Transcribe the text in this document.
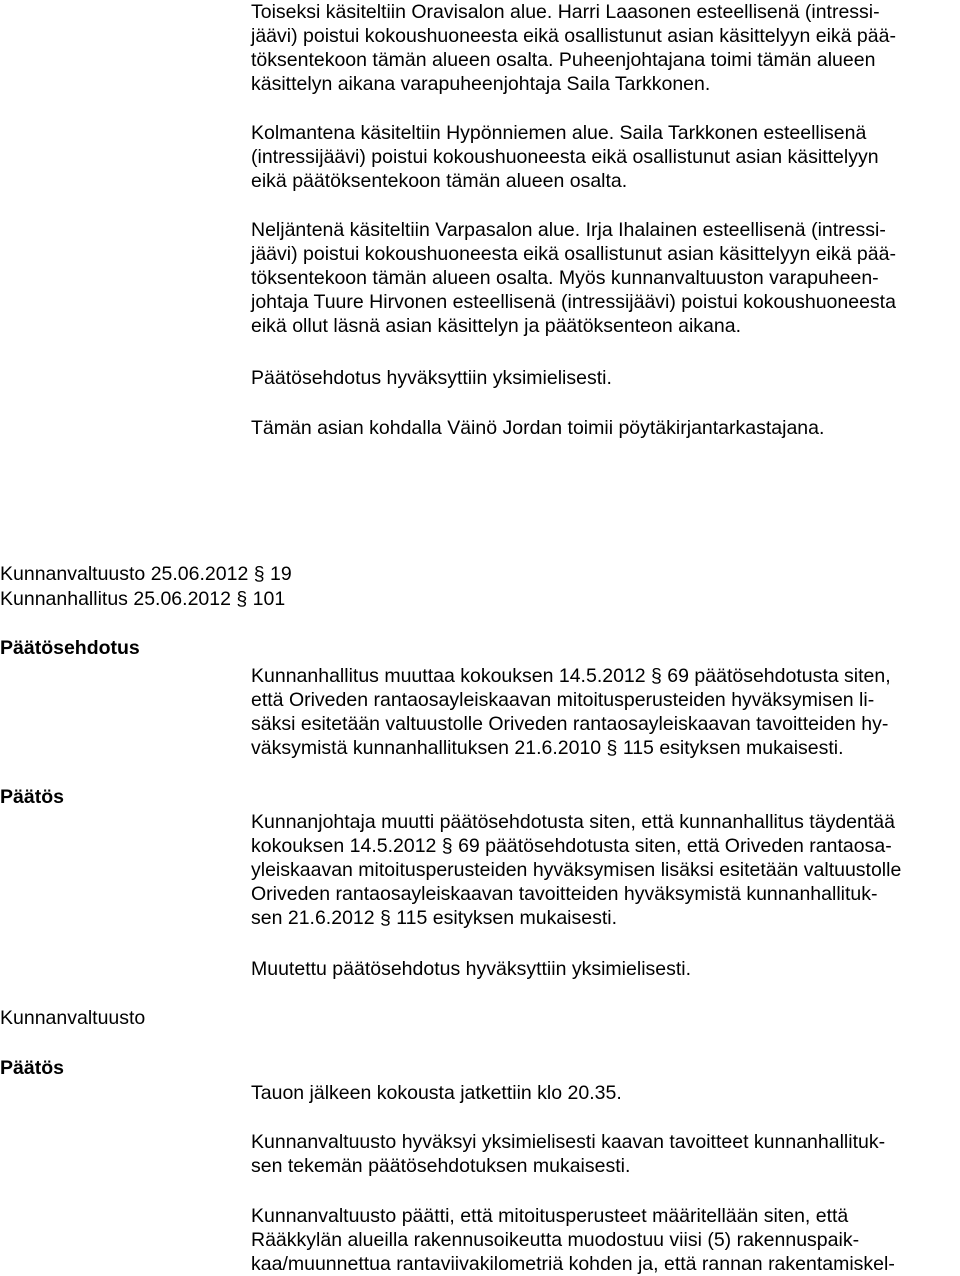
Toiseksi käsiteltiin Oravisalon alue. Harri Laasonen esteellisenä (intressi-
jäävi) poistui kokoushuoneesta eikä osallistunut asian käsittelyyn eikä pää-
töksentekoon tämän alueen osalta. Puheenjohtajana toimi tämän alueen
käsittelyn aikana varapuheenjohtaja Saila Tarkkonen.
Kolmantena käsiteltiin Hypönniemen alue. Saila Tarkkonen esteellisenä
(intressijäävi) poistui kokoushuoneesta eikä osallistunut asian käsittelyyn
eikä päätöksentekoon tämän alueen osalta.
Neljäntenä käsiteltiin Varpasalon alue. Irja Ihalainen esteellisenä (intressi-
jäävi) poistui kokoushuoneesta eikä osallistunut asian käsittelyyn eikä pää-
töksentekoon tämän alueen osalta. Myös kunnanvaltuuston varapuheen-
johtaja Tuure Hirvonen esteellisenä (intressijäävi) poistui kokoushuoneesta
eikä ollut läsnä asian käsittelyn ja päätöksenteon aikana.
Päätösehdotus hyväksyttiin yksimielisesti.
Tämän asian kohdalla Väinö Jordan toimii pöytäkirjantarkastajana.
Kunnanvaltuusto 25.06.2012 § 19
Kunnanhallitus 25.06.2012 § 101
Päätösehdotus
Kunnanhallitus muuttaa kokouksen 14.5.2012 § 69 päätösehdotusta siten,
että Oriveden rantaosayleiskaavan mitoitusperusteiden hyväksymisen li-
säksi esitetään valtuustolle Oriveden rantaosayleiskaavan tavoitteiden hy-
väksymistä kunnanhallituksen 21.6.2010 § 115 esityksen mukaisesti.
Päätös
Kunnanjohtaja muutti päätösehdotusta siten, että kunnanhallitus täydentää
kokouksen 14.5.2012 § 69 päätösehdotusta siten, että Oriveden rantaosa-
yleiskaavan mitoitusperusteiden hyväksymisen lisäksi esitetään valtuustolle
Oriveden rantaosayleiskaavan tavoitteiden hyväksymistä kunnanhallituk-
sen 21.6.2012 § 115 esityksen mukaisesti.
Muutettu päätösehdotus hyväksyttiin yksimielisesti.
Kunnanvaltuusto
Päätös
Tauon jälkeen kokousta jatkettiin klo 20.35.
Kunnanvaltuusto hyväksyi yksimielisesti kaavan tavoitteet kunnanhallituk-
sen tekemän päätösehdotuksen mukaisesti.
Kunnanvaltuusto päätti, että mitoitusperusteet määritellään siten, että
Rääkkylän alueilla rakennusoikeutta muodostuu viisi (5) rakennuspaik-
kaa/muunnettua rantaviivakilometriä kohden ja, että rannan rakentamiskel-
